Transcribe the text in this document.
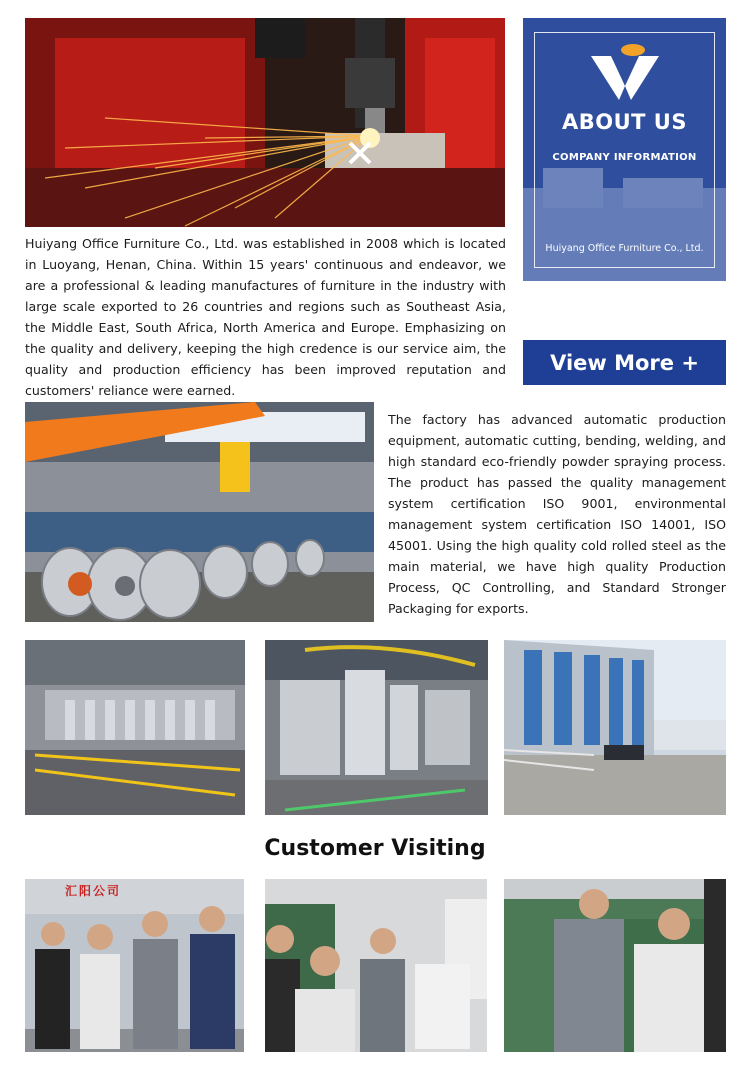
ABOUT US
COMPANY INFORMATION
Huiyang Office Furniture Co., Ltd.

Huiyang Office Furniture Co., Ltd. was established in 2008 which is located in Luoyang, Henan, China. Within 15 years' continuous and endeavor, we are a professional & leading manufactures of furniture in the industry with large scale exported to 26 countries and regions such as Southeast Asia, the Middle East, South Africa, North America and Europe. Emphasizing on the quality and delivery, keeping the high credence is our service aim, the quality and production efficiency has been improved reputation and customers' reliance were earned.

View More +

The factory has advanced automatic production equipment, automatic cutting, bending, welding, and high standard eco-friendly powder spraying process. The product has passed the quality management system certification ISO 9001, environmental management system certification ISO 14001, ISO 45001. Using the high quality cold rolled steel as the main material, we have high quality Production Process, QC Controlling, and Standard Stronger Packaging for exports.

Customer Visiting
汇阳公司
